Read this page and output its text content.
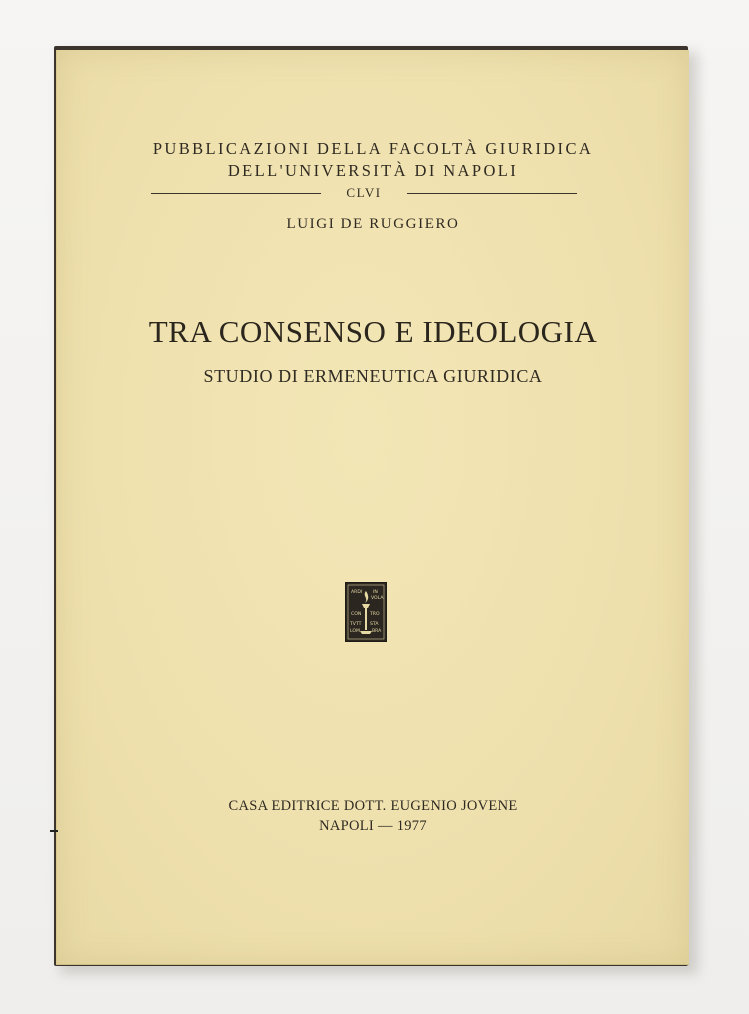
PUBBLICAZIONI DELLA FACOLTÀ GIURIDICA
DELL'UNIVERSITÀ DI NAPOLI
CLVI
LUIGI DE RUGGIERO
TRA CONSENSO E IDEOLOGIA
STUDIO DI ERMENEUTICA GIURIDICA
ARDI IN
VOLA
CON TRO
TVTT STA
LOM	BRA
CASA EDITRICE DOTT. EUGENIO JOVENE
NAPOLI — 1977
